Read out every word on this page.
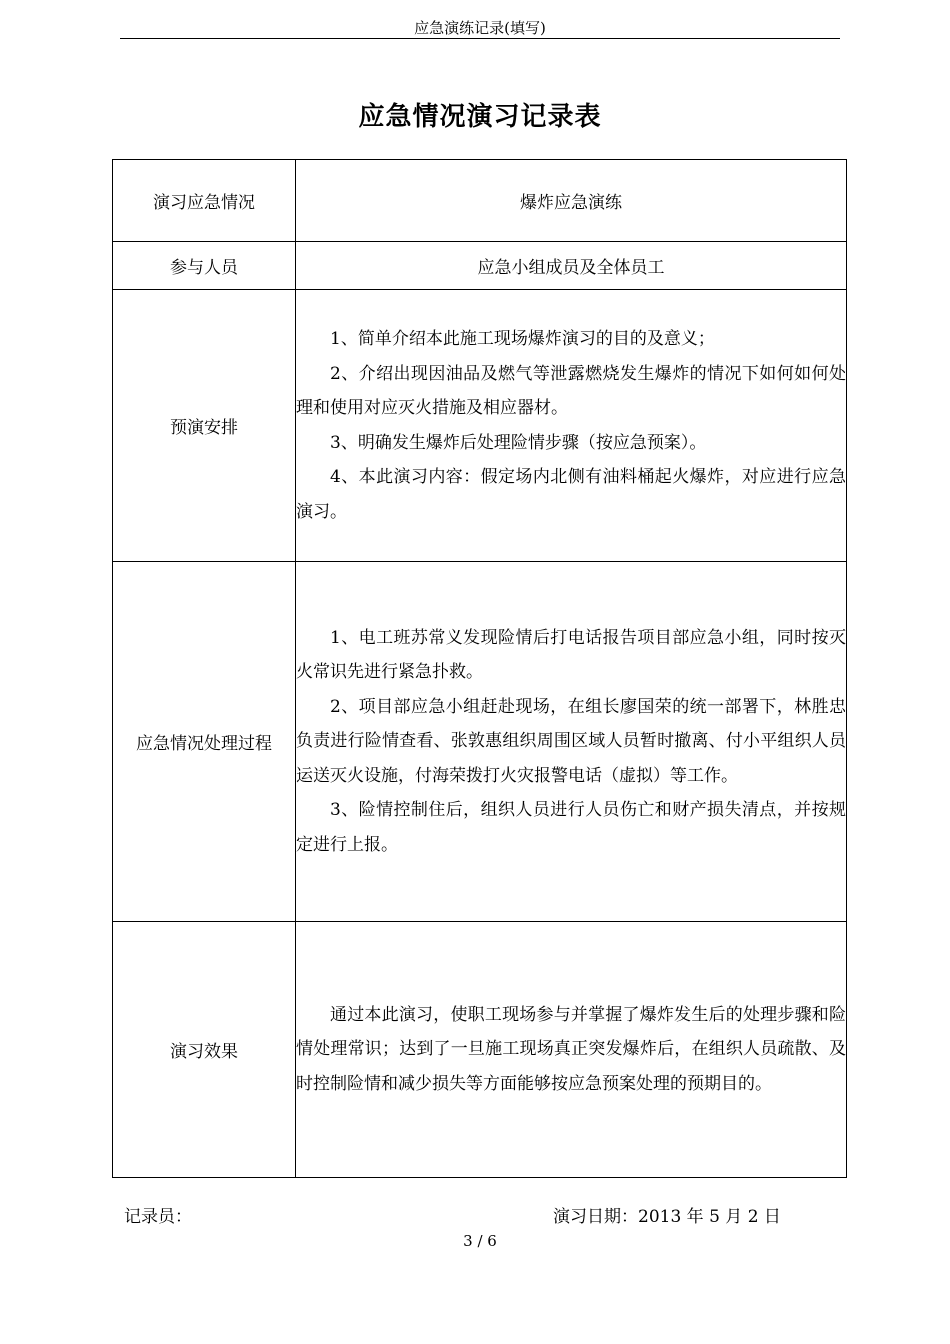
应急演练记录(填写)
应急情况演习记录表
演习应急情况	爆炸应急演练
参与人员	应急小组成员及全体员工
预演安排	1、简单介绍本此施工现场爆炸演习的目的及意义；

2、介绍出现因油品及燃气等泄露燃烧发生爆炸的情况下如何如何处理和使用对应灭火措施及相应器材。

3、明确发生爆炸后处理险情步骤（按应急预案）。

4、本此演习内容：假定场内北侧有油料桶起火爆炸，对应进行应急演习。

应急情况处理过程	1、电工班苏常义发现险情后打电话报告项目部应急小组，同时按灭火常识先进行紧急扑救。

2、项目部应急小组赶赴现场，在组长廖国荣的统一部署下，林胜忠负责进行险情查看、张敦惠组织周围区域人员暂时撤离、付小平组织人员运送灭火设施，付海荣拨打火灾报警电话（虚拟）等工作。

3、险情控制住后，组织人员进行人员伤亡和财产损失清点，并按规定进行上报。

演习效果	通过本此演习，使职工现场参与并掌握了爆炸发生后的处理步骤和险情处理常识；达到了一旦施工现场真正突发爆炸后，在组织人员疏散、及时控制险情和减少损失等方面能够按应急预案处理的预期目的。

记录员：	演习日期：2013 年 5 月 2 日
3 / 6
